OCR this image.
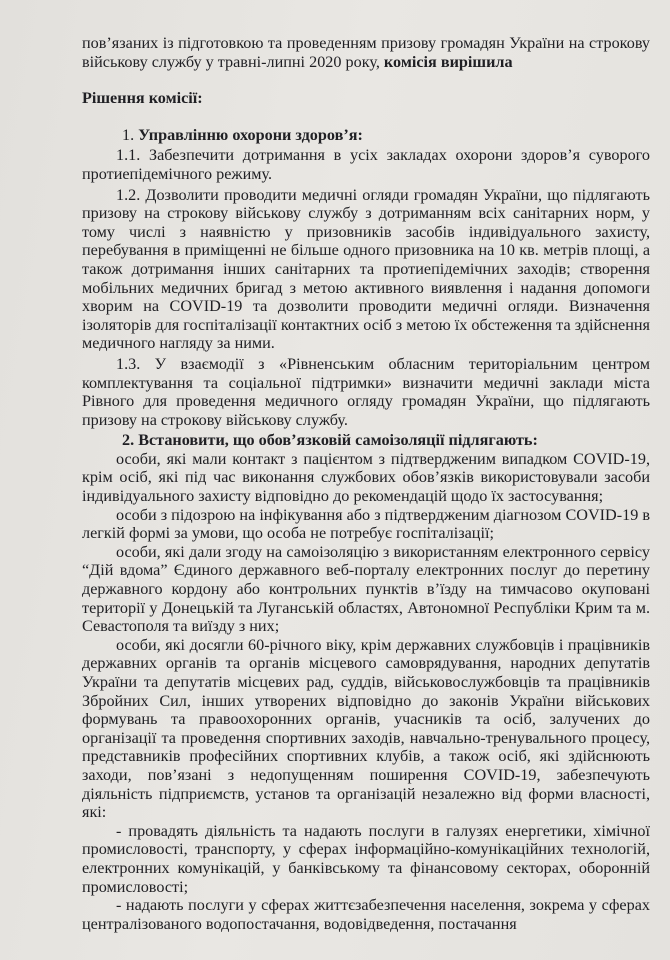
пов’язаних із підготовкою та проведенням призову громадян України на строкову військову службу у травні-липні 2020 року, комісія вирішила

Рішення комісії:

1. Управлінню охорони здоров’я:

1.1. Забезпечити дотримання в усіх закладах охорони здоров’я суворого протиепідемічного режиму.

1.2. Дозволити проводити медичні огляди громадян України, що підлягають призову на строкову військову службу з дотриманням всіх санітарних норм, у тому числі з наявністю у призовників засобів індивідуального захисту, перебування в приміщенні не більше одного призовника на 10 кв. метрів площі, а також дотримання інших санітарних та протиепідемічних заходів; створення мобільних медичних бригад з метою активного виявлення і надання допомоги хворим на COVID-19 та дозволити проводити медичні огляди. Визначення ізоляторів для госпіталізації контактних осіб з метою їх обстеження та здійснення медичного нагляду за ними.

1.3. У взаємодії з «Рівненським обласним територіальним центром комплектування та соціальної підтримки» визначити медичні заклади міста Рівного для проведення медичного огляду громадян України, що підлягають призову на строкову військову службу.

2. Встановити, що обов’язковій самоізоляції підлягають:

особи, які мали контакт з пацієнтом з підтвердженим випадком COVID-19, крім осіб, які під час виконання службових обов’язків використовували засоби індивідуального захисту відповідно до рекомендацій щодо їх застосування;

особи з підозрою на інфікування або з підтвердженим діагнозом COVID-19 в легкій формі за умови, що особа не потребує госпіталізації;

особи, які дали згоду на самоізоляцію з використанням електронного сервісу “Дій вдома” Єдиного державного веб-порталу електронних послуг до перетину державного кордону або контрольних пунктів в’їзду на тимчасово окуповані території у Донецькій та Луганській областях, Автономної Республіки Крим та м. Севастополя та виїзду з них;

особи, які досягли 60-річного віку, крім державних службовців і працівників державних органів та органів місцевого самоврядування, народних депутатів України та депутатів місцевих рад, суддів, військовослужбовців та працівників Збройних Сил, інших утворених відповідно до законів України військових формувань та правоохоронних органів, учасників та осіб, залучених до організації та проведення спортивних заходів, навчально-тренувального процесу, представників професійних спортивних клубів, а також осіб, які здійснюють заходи, пов’язані з недопущенням поширення COVID-19, забезпечують діяльність підприємств, установ та організацій незалежно від форми власності, які:

- провадять діяльність та надають послуги в галузях енергетики, хімічної промисловості, транспорту, у сферах інформаційно-комунікаційних технологій, електронних комунікацій, у банківському та фінансовому секторах, оборонній промисловості;

- надають послуги у сферах життєзабезпечення населення, зокрема у сферах централізованого водопостачання, водовідведення, постачання
